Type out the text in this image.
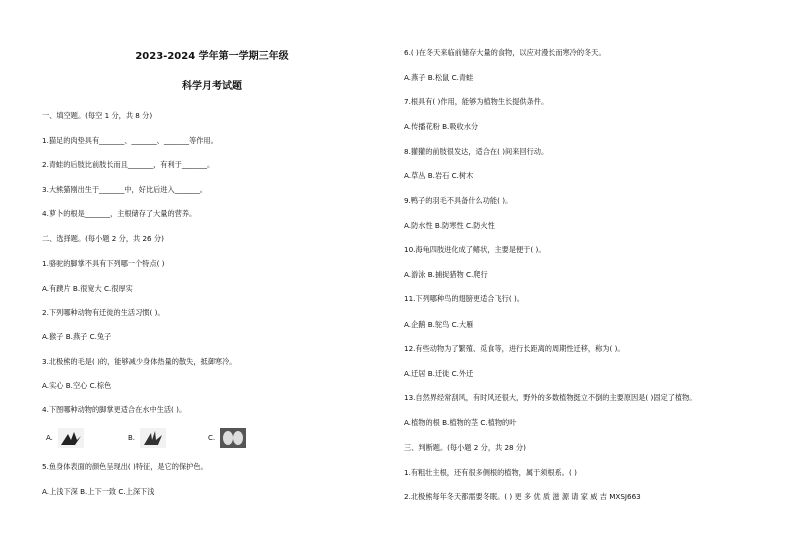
2023-2024 学年第一学期三年级
科学月考试题
一、填空题。(每空 1 分，共 8 分)
1.猫足的肉垫具有_______、_______、_______等作用。
2.青蛙的后肢比前肢长而且_______，有利于_______。
3.大熊猫刚出生于_______中，好比后进入_______。
4.萝卜的根是_______，主根储存了大量的营养。
二、选择题。(每小题 2 分，共 26 分)
1.骆驼的脚掌不具有下列哪一个特点( )
A.有蹼片 B.很宽大 C.很厚实
2.下列哪种动物有迁徙的生活习惯( )。
A.猴子 B.燕子 C.兔子
3.北极熊的毛是( )的，能够减少身体热量的散失，抵御寒冷。
A.实心 B.空心 C.棕色
4.下图哪种动物的脚掌更适合在水中生活( )。
A.	B.	C.
5.鱼身体表面的颜色呈现出( )特征，是它的保护色。
A.上浅下深 B.上下一致 C.上深下浅
6.( )在冬天来临前储存大量的食物，以应对漫长而寒冷的冬天。
A.燕子 B.松鼠 C.青蛙
7.根具有( )作用，能够为植物生长提供条件。
A.传播花粉 B.吸收水分
8.獾獾的前肢很发达，适合在( )间来回行动。
A.草丛 B.岩石 C.树木
9.鸭子的羽毛不具备什么功能( )。
A.防水性 B.防寒性 C.防火性
10.海龟四肢进化成了鳍状，主要是便于( )。
A.游泳 B.捕捉猎物 C.爬行
11.下列哪种鸟的翅膀更适合飞行( )。
A.企鹅 B.鸵鸟 C.大雁
12.有些动物为了繁殖、觅食等，进行长距离的周期性迁移，称为( )。
A.迁居 B.迁徙 C.外迁
13.自然界经常刮风，有时风还很大，野外的多数植物挺立不倒的主要原因是( )固定了植物。
A.植物的根 B.植物的茎 C.植物的叶
三、判断题。(每小题 2 分，共 28 分)
1.有粗壮主根，还有很多侧根的植物，属于须根系。( )
2.北极熊每年冬天都需要冬眠。( ) 更 多 优 质 滋 源 请 家 威 吉 MXSJ663
